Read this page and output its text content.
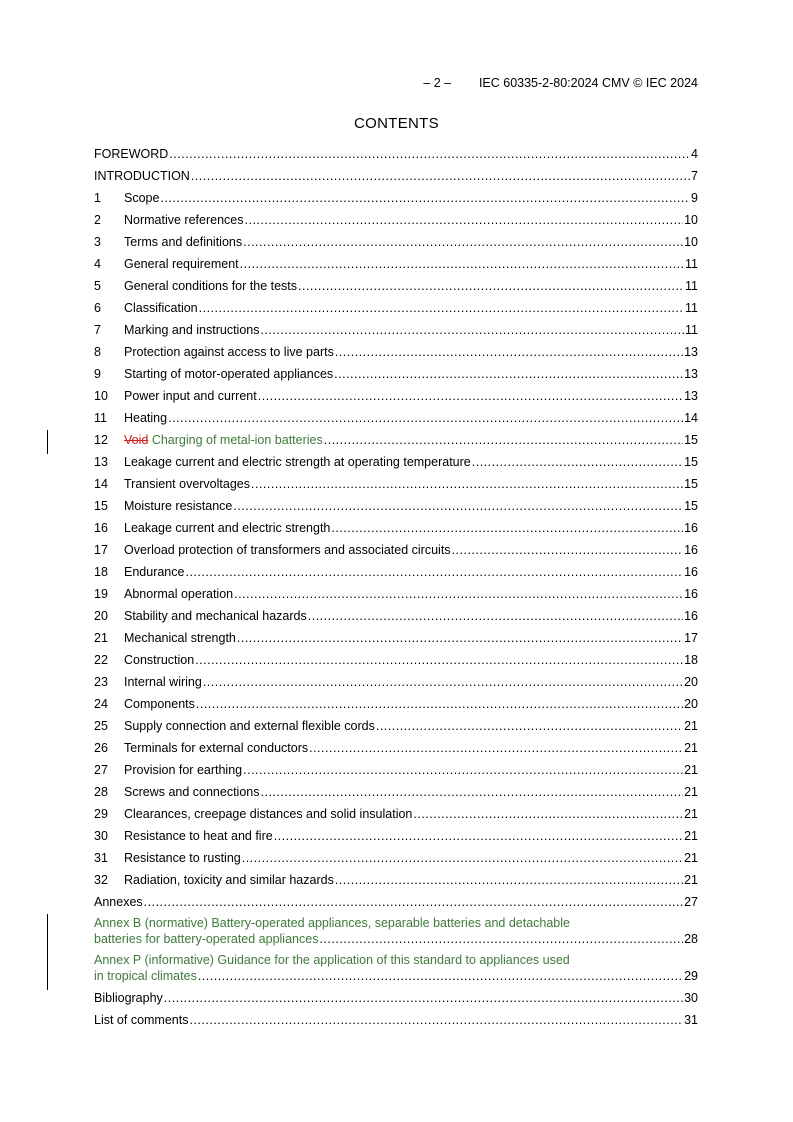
– 2 – IEC 60335-2-80:2024 CMV © IEC 2024
CONTENTS
FOREWORD .....	4
INTRODUCTION .....	7
1	Scope .....	9
2	Normative references .....	10
3	Terms and definitions .....	10
4	General requirement .....	11
5	General conditions for the tests .....	11
6	Classification .....	11
7	Marking and instructions .....	11
8	Protection against access to live parts .....	13
9	Starting of motor-operated appliances .....	13
10	Power input and current .....	13
11	Heating .....	14
12	Void Charging of metal-ion batteries .....	15
13	Leakage current and electric strength at operating temperature .....	15
14	Transient overvoltages .....	15
15	Moisture resistance .....	15
16	Leakage current and electric strength .....	16
17	Overload protection of transformers and associated circuits .....	16
18	Endurance .....	16
19	Abnormal operation .....	16
20	Stability and mechanical hazards .....	16
21	Mechanical strength .....	17
22	Construction .....	18
23	Internal wiring .....	20
24	Components .....	20
25	Supply connection and external flexible cords .....	21
26	Terminals for external conductors .....	21
27	Provision for earthing .....	21
28	Screws and connections .....	21
29	Clearances, creepage distances and solid insulation .....	21
30	Resistance to heat and fire .....	21
31	Resistance to rusting .....	21
32	Radiation, toxicity and similar hazards .....	21
Annexes .....	27
Annex B (normative) Battery-operated appliances, separable batteries and detachable
batteries for battery-operated appliances .....	28
Annex P (informative) Guidance for the application of this standard to appliances used
in tropical climates .....	29
Bibliography .....	30
List of comments .....	31
